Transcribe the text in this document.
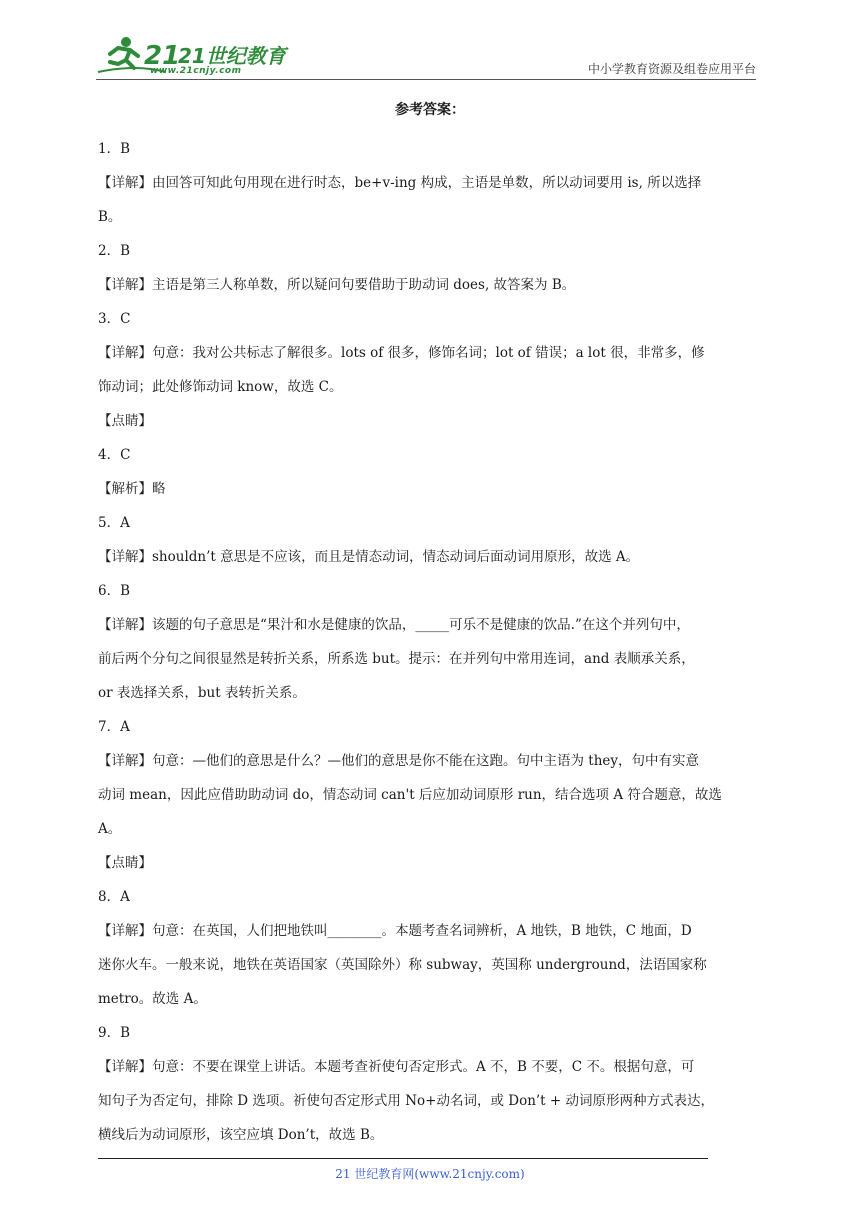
21
21世纪教育
www.21cnjy.com	中小学教育资源及组卷应用平台

参考答案：

1．B

【详解】由回答可知此句用现在进行时态，be+v-ing 构成，主语是单数，所以动词要用 is, 所以选择

B。

2．B

【详解】主语是第三人称单数，所以疑问句要借助于助动词 does, 故答案为 B。

3．C

【详解】句意：我对公共标志了解很多。lots of 很多，修饰名词；lot of 错误；a lot 很，非常多，修

饰动词；此处修饰动词 know，故选 C。

【点睛】

4．C

【解析】略

5．A

【详解】shouldn’t 意思是不应该，而且是情态动词，情态动词后面动词用原形，故选 A。

6．B

【详解】该题的句子意思是“果汁和水是健康的饮品，_____可乐不是健康的饮品.”在这个并列句中，

前后两个分句之间很显然是转折关系，所系选 but。提示：在并列句中常用连词，and 表顺承关系，

or 表选择关系，but 表转折关系。

7．A

【详解】句意：—他们的意思是什么？—他们的意思是你不能在这跑。句中主语为 they，句中有实意

动词 mean，因此应借助助动词 do，情态动词 can't 后应加动词原形 run，结合选项 A 符合题意，故选

A。

【点睛】

8．A

【详解】句意：在英国，人们把地铁叫________。本题考查名词辨析，A 地铁，B 地铁，C 地面，D

迷你火车。一般来说，地铁在英语国家（英国除外）称 subway，英国称 underground，法语国家称

metro。故选 A。

9．B

【详解】句意：不要在课堂上讲话。本题考查祈使句否定形式。A 不，B 不要，C 不。根据句意，可

知句子为否定句，排除 D 选项。祈使句否定形式用 No+动名词，或 Don’t + 动词原形两种方式表达，

横线后为动词原形，该空应填 Don’t，故选 B。

21 世纪教育网(www.21cnjy.com)
